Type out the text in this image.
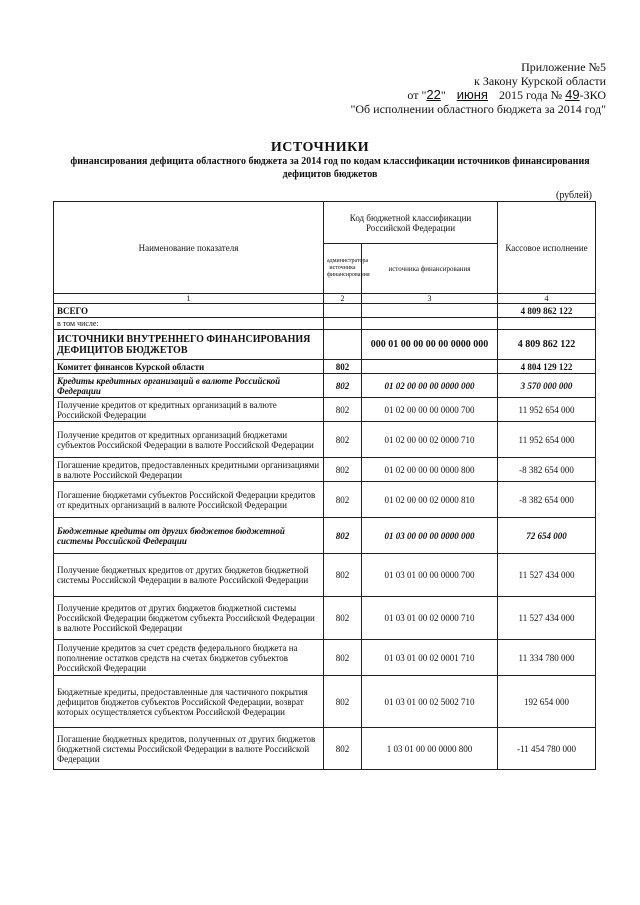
Приложение №5
к Закону Курской области
от "22" июня 2015 года № 49-ЗКО
"Об исполнении областного бюджета за 2014 год"
ИСТОЧНИКИ
финансирования дефицита областного бюджета за 2014 год по кодам классификации источников финансирования дефицитов бюджетов
(рублей)
Наименование показателя	Код бюджетной классификации Российской Федерации		Кассовое исполнение
	администратора источника финансирования	источника финансирования	
1	2	3	4
ВСЕГО			4 809 862 122
в том числе:			
ИСТОЧНИКИ ВНУТРЕННЕГО ФИНАНСИРОВАНИЯ ДЕФИЦИТОВ БЮДЖЕТОВ		000 01 00 00 00 00 0000 000	4 809 862 122
Комитет финансов Курской области	802		4 804 129 122
Кредиты кредитных организаций в валюте Российской Федерации	802	01 02 00 00 00 0000 000	3 570 000 000
Получение кредитов от кредитных организаций в валюте Российской Федерации	802	01 02 00 00 00 0000 700	11 952 654 000
Получение кредитов от кредитных организаций бюджетами субъектов Российской Федерации в валюте Российской Федерации	802	01 02 00 00 02 0000 710	11 952 654 000
Погашение кредитов, предоставленных кредитными организациями в валюте Российской Федерации	802	01 02 00 00 00 0000 800	-8 382 654 000
Погашение бюджетами субъектов Российской Федерации кредитов от кредитных организаций в валюте Российской Федерации	802	01 02 00 00 02 0000 810	-8 382 654 000
Бюджетные кредиты от других бюджетов бюджетной системы Российской Федерации	802	01 03 00 00 00 0000 000	72 654 000
Получение бюджетных кредитов от других бюджетов бюджетной системы Российской Федерации в валюте Российской Федерации	802	01 03 01 00 00 0000 700	11 527 434 000
Получение кредитов от других бюджетов бюджетной системы Российской Федерации бюджетом субъекта Российской Федерации в валюте Российской Федерации	802	01 03 01 00 02 0000 710	11 527 434 000
Получение кредитов за счет средств федерального бюджета на пополнение остатков средств на счетах бюджетов субъектов Российской Федерации	802	01 03 01 00 02 0001 710	11 334 780 000
Бюджетные кредиты, предоставленные для частичного покрытия дефицитов бюджетов субъектов Российской Федерации, возврат которых осуществляется субъектом Российской Федерации	802	01 03 01 00 02 5002 710	192 654 000
Погашение бюджетных кредитов, полученных от других бюджетов бюджетной системы Российской Федерации в валюте Российской Федерации	802	1 03 01 00 00 0000 800	-11 454 780 000
